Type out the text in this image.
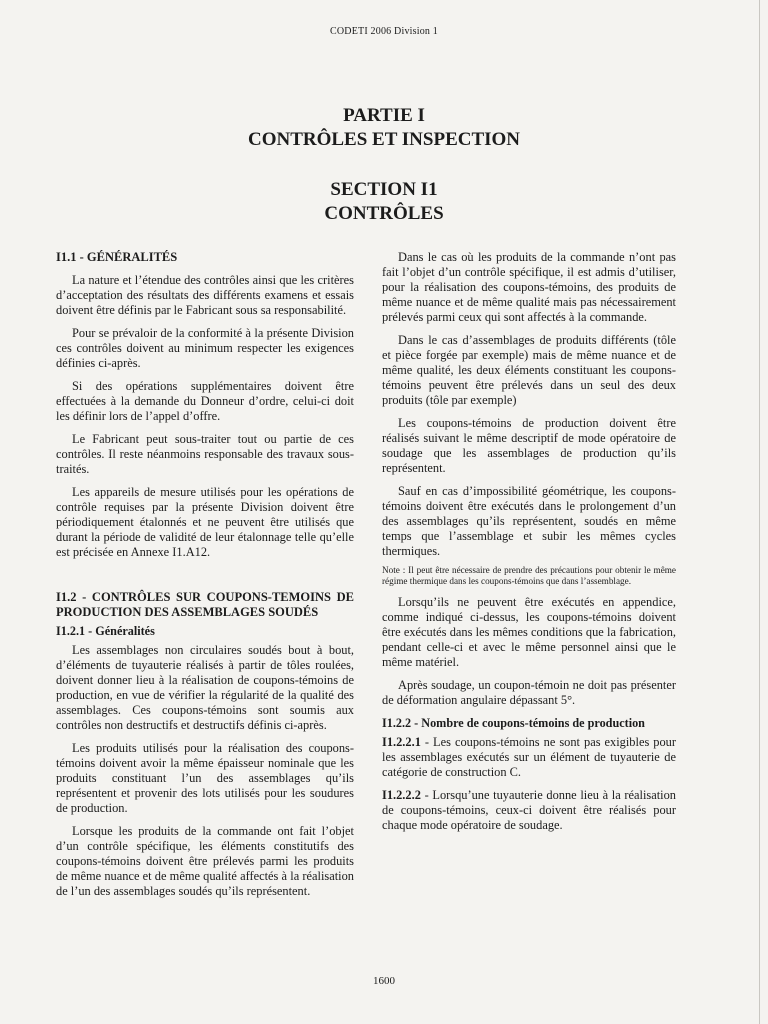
CODETI 2006 Division 1
PARTIE I
CONTRÔLES ET INSPECTION
SECTION I1
CONTRÔLES
I1.1 - GÉNÉRALITÉS

La nature et l’étendue des contrôles ainsi que les critères d’acceptation des résultats des différents examens et essais doivent être définis par le Fabricant sous sa responsabilité.

Pour se prévaloir de la conformité à la présente Division ces contrôles doivent au minimum respecter les exigences définies ci-après.

Si des opérations supplémentaires doivent être effectuées à la demande du Donneur d’ordre, celui-ci doit les définir lors de l’appel d’offre.

Le Fabricant peut sous-traiter tout ou partie de ces contrôles. Il reste néanmoins responsable des travaux sous-traités.

Les appareils de mesure utilisés pour les opérations de contrôle requises par la présente Division doivent être périodiquement étalonnés et ne peuvent être utilisés que durant la période de validité de leur étalonnage telle qu’elle est précisée en Annexe I1.A12.

I1.2 - CONTRÔLES SUR COUPONS-TEMOINS DE PRODUCTION DES ASSEMBLAGES SOUDÉS
I1.2.1 - Généralités

Les assemblages non circulaires soudés bout à bout, d’éléments de tuyauterie réalisés à partir de tôles roulées, doivent donner lieu à la réalisation de coupons-témoins de production, en vue de vérifier la régularité de la qualité des assemblages. Ces coupons-témoins sont soumis aux contrôles non destructifs et destructifs définis ci-après.

Les produits utilisés pour la réalisation des coupons-témoins doivent avoir la même épaisseur nominale que les produits constituant l’un des assemblages qu’ils représentent et provenir des lots utilisés pour les soudures de production.

Lorsque les produits de la commande ont fait l’objet d’un contrôle spécifique, les éléments constitutifs des coupons-témoins doivent être prélevés parmi les produits de même nuance et de même qualité affectés à la réalisation de l’un des assemblages soudés qu’ils représentent.

Dans le cas où les produits de la commande n’ont pas fait l’objet d’un contrôle spécifique, il est admis d’utiliser, pour la réalisation des coupons-témoins, des produits de même nuance et de même qualité mais pas nécessairement prélevés parmi ceux qui sont affectés à la commande.

Dans le cas d’assemblages de produits différents (tôle et pièce forgée par exemple) mais de même nuance et de même qualité, les deux éléments constituant les coupons-témoins peuvent être prélevés dans un seul des deux produits (tôle par exemple)

Les coupons-témoins de production doivent être réalisés suivant le même descriptif de mode opératoire de soudage que les assemblages de production qu’ils représentent.

Sauf en cas d’impossibilité géométrique, les coupons-témoins doivent être exécutés dans le prolongement d’un des assemblages qu’ils représentent, soudés en même temps que l’assemblage et subir les mêmes cycles thermiques.

Note : Il peut être nécessaire de prendre des précautions pour obtenir le même régime thermique dans les coupons-témoins que dans l’assemblage.

Lorsqu’ils ne peuvent être exécutés en appendice, comme indiqué ci-dessus, les coupons-témoins doivent être exécutés dans les mêmes conditions que la fabrication, pendant celle-ci et avec le même personnel ainsi que le même matériel.

Après soudage, un coupon-témoin ne doit pas présenter de déformation angulaire dépassant 5°.

I1.2.2 - Nombre de coupons-témoins de production

I1.2.2.1 - Les coupons-témoins ne sont pas exigibles pour les assemblages exécutés sur un élément de tuyauterie de catégorie de construction C.

I1.2.2.2 - Lorsqu’une tuyauterie donne lieu à la réalisation de coupons-témoins, ceux-ci doivent être réalisés pour chaque mode opératoire de soudage.

1600
